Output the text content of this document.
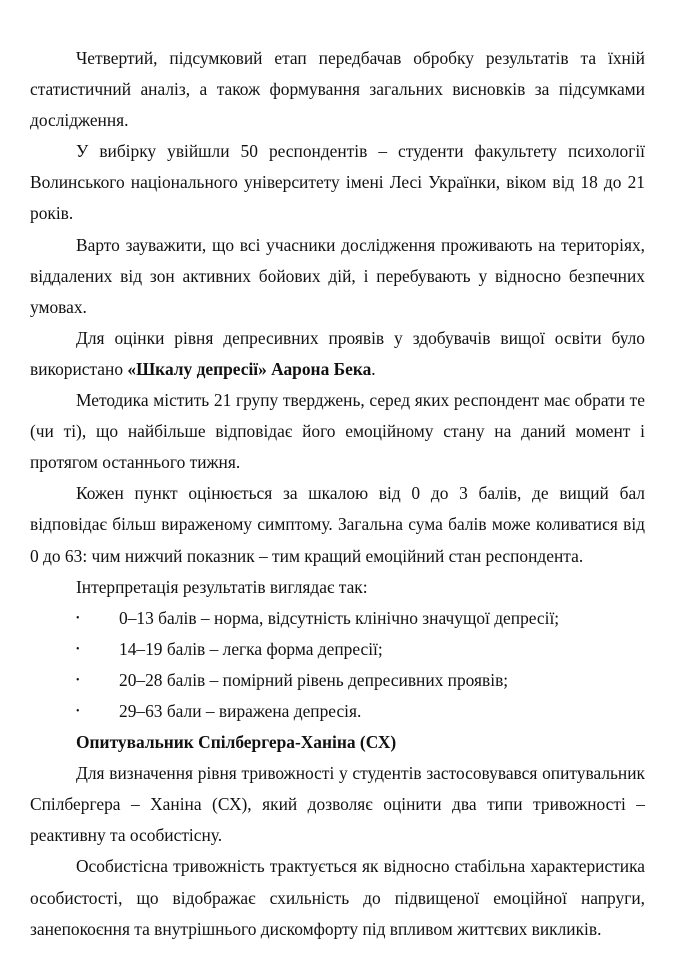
Четвертий, підсумковий етап передбачав обробку результатів та їхній статистичний аналіз, а також формування загальних висновків за підсумками дослідження.

У вибірку увійшли 50 респондентів – студенти факультету психології Волинського національного університету імені Лесі Українки, віком від 18 до 21 років.

Варто зауважити, що всі учасники дослідження проживають на територіях, віддалених від зон активних бойових дій, і перебувають у відносно безпечних умовах.

Для оцінки рівня депресивних проявів у здобувачів вищої освіти було використано «Шкалу депресії» Аарона Бека.

Методика містить 21 групу тверджень, серед яких респондент має обрати те (чи ті), що найбільше відповідає його емоційному стану на даний момент і протягом останнього тижня.

Кожен пункт оцінюється за шкалою від 0 до 3 балів, де вищий бал відповідає більш вираженому симптому. Загальна сума балів може коливатися від 0 до 63: чим нижчий показник – тим кращий емоційний стан респондента.

Інтерпретація результатів виглядає так:

• 0–13 балів – норма, відсутність клінічно значущої депресії;
• 14–19 балів – легка форма депресії;
• 20–28 балів – помірний рівень депресивних проявів;
• 29–63 бали – виражена депресія.

Опитувальник Спілбергера-Ханіна (СХ)

Для визначення рівня тривожності у студентів застосовувався опитувальник Спілбергера – Ханіна (СХ), який дозволяє оцінити два типи тривожності – реактивну та особистісну.

Особистісна тривожність трактується як відносно стабільна характеристика особистості, що відображає схильність до підвищеної емоційної напруги, занепокоєння та внутрішнього дискомфорту під впливом життєвих викликів.
